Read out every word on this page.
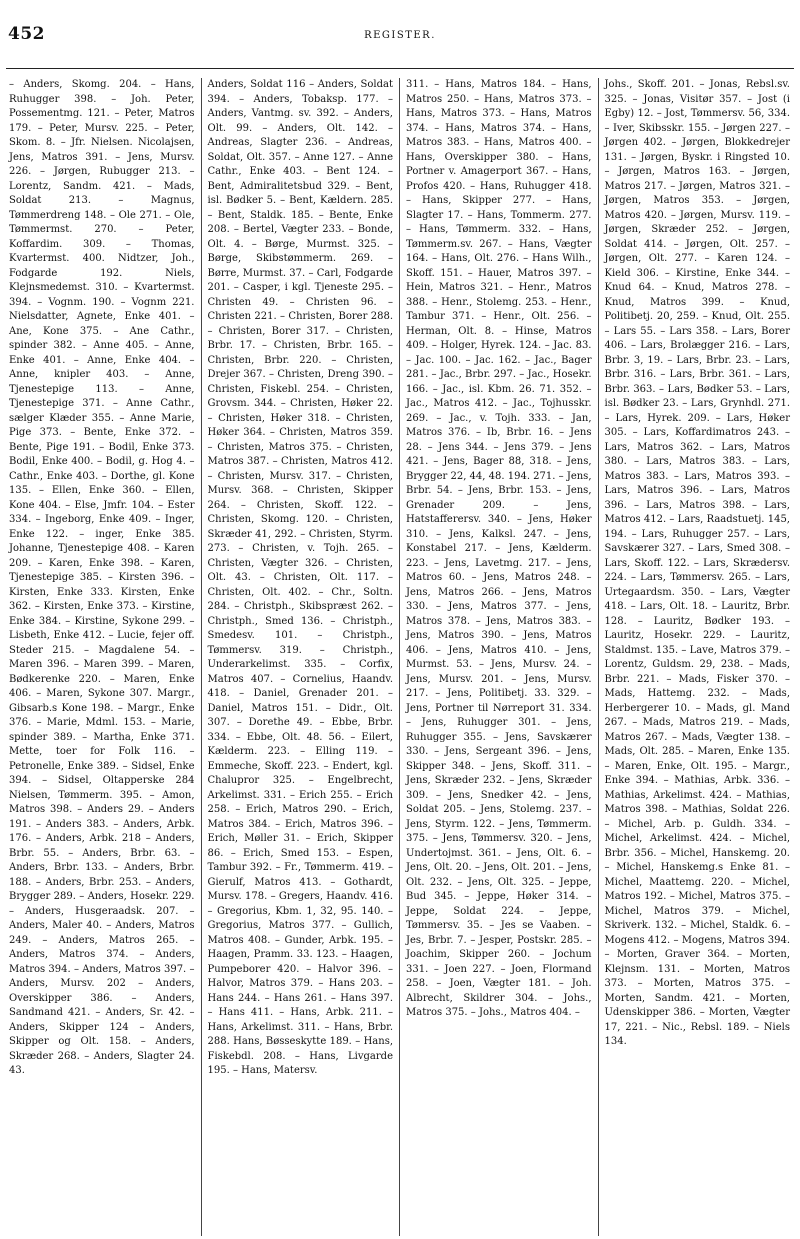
452	REGISTER.

– Anders, Skomg. 204. – Hans, Ruhugger 398. – Joh. Peter, Possementmg. 121. – Peter, Matros 179. – Peter, Mursv. 225. – Peter, Skom. 8. – Jfr. Nielsen. Nicolajsen, Jens, Matros 391. – Jens, Mursv. 226. – Jørgen, Rubugger 213. – Lorentz, Sandm. 421. – Mads, Soldat 213. – Magnus, Tømmerdreng 148. – Ole 271. – Ole, Tømmermst. 270. – Peter, Koffardim. 309. – Thomas, Kvartermst. 400. Nidtzer, Joh., Fodgarde 192. Niels, Klejnsmedemst. 310. – Kvartermst. 394. – Vognm. 190. – Vognm 221. Nielsdatter, Agnete, Enke 401. – Ane, Kone 375. – Ane Cathr., spinder 382. – Anne 405. – Anne, Enke 401. – Anne, Enke 404. – Anne, knipler 403. – Anne, Tjenestepige 113. – Anne, Tjenestepige 371. – Anne Cathr., sælger Klæder 355. – Anne Marie, Pige 373. – Bente, Enke 372. – Bente, Pige 191. – Bodil, Enke 373. Bodil, Enke 400. – Bodil, g. Hog 4. – Cathr., Enke 403. – Dorthe, gl. Kone 135. – Ellen, Enke 360. – Ellen, Kone 404. – Else, Jmfr. 104. – Ester 334. – Ingeborg, Enke 409. – Inger, Enke 122. – inger, Enke 385. Johanne, Tjenestepige 408. – Karen 209. – Karen, Enke 398. – Karen, Tjenestepige 385. – Kirsten 396. – Kirsten, Enke 333. Kirsten, Enke 362. – Kirsten, Enke 373. – Kirstine, Enke 384. – Kirstine, Sykone 299. – Lisbeth, Enke 412. – Lucie, fejer off. Steder 215. – Magdalene 54. – Maren 396. – Maren 399. – Maren, Bødkerenke 220. – Maren, Enke 406. – Maren, Sykone 307. Margr., Gibsarb.s Kone 198. – Margr., Enke 376. – Marie, Mdml. 153. – Marie, spinder 389. – Martha, Enke 371. Mette, toer for Folk 116. – Petronelle, Enke 389. – Sidsel, Enke 394. – Sidsel, Oltapperske 284 Nielsen, Tømmerm. 395. – Amon, Matros 398. – Anders 29. – Anders 191. – Anders 383. – Anders, Arbk. 176. – Anders, Arbk. 218 – Anders, Brbr. 55. – Anders, Brbr. 63. – Anders, Brbr. 133. – Anders, Brbr. 188. – Anders, Brbr. 253. – Anders, Brygger 289. – Anders, Hosekr. 229. – Anders, Husgeraadsk. 207. – Anders, Maler 40. – Anders, Matros 249. – Anders, Matros 265. – Anders, Matros 374. – Anders, Matros 394. – Anders, Matros 397. – Anders, Mursv. 202 – Anders, Overskipper 386. – Anders, Sandmand 421. – Anders, Sr. 42. – Anders, Skipper 124 – Anders, Skipper og Olt. 158. – Anders, Skræder 268. – Anders, Slagter 24. 43.

Anders, Soldat 116 – Anders, Soldat 394. – Anders, Tobaksp. 177. – Anders, Vantmg. sv. 392. – Anders, Olt. 99. – Anders, Olt. 142. – Andreas, Slagter 236. – Andreas, Soldat, Olt. 357. – Anne 127. – Anne Cathr., Enke 403. – Bent 124. – Bent, Admiralitetsbud 329. – Bent, isl. Bødker 5. – Bent, Kældern. 285. – Bent, Staldk. 185. – Bente, Enke 208. – Bertel, Vægter 233. – Bonde, Olt. 4. – Børge, Murmst. 325. – Børge, Skibstømmerm. 269. – Børre, Murmst. 37. – Carl, Fodgarde 201. – Casper, i kgl. Tjeneste 295. – Christen 49. – Christen 96. – Christen 221. – Christen, Borer 288. – Christen, Borer 317. – Christen, Brbr. 17. – Christen, Brbr. 165. – Christen, Brbr. 220. – Christen, Drejer 367. – Christen, Dreng 390. – Christen, Fiskebl. 254. – Christen, Grovsm. 344. – Christen, Høker 22. – Christen, Høker 318. – Christen, Høker 364. – Christen, Matros 359. – Christen, Matros 375. – Christen, Matros 387. – Christen, Matros 412. – Christen, Mursv. 317. – Christen, Mursv. 368. – Christen, Skipper 264. – Christen, Skoff. 122. – Christen, Skomg. 120. – Christen, Skræder 41, 292. – Christen, Styrm. 273. – Christen, v. Tojh. 265. – Christen, Vægter 326. – Christen, Olt. 43. – Christen, Olt. 117. – Christen, Olt. 402. – Chr., Soltn. 284. – Christph., Skibspræst 262. – Christph., Smed 136. – Christph., Smedesv. 101. – Christph., Tømmersv. 319. – Christph., Underarkelimst. 335. – Corfix, Matros 407. – Cornelius, Haandv. 418. – Daniel, Grenader 201. – Daniel, Matros 151. – Didr., Olt. 307. – Dorethe 49. – Ebbe, Brbr. 334. – Ebbe, Olt. 48. 56. – Eilert, Kælderm. 223. – Elling 119. – Emmeche, Skoff. 223. – Endert, kgl. Chalupror 325. – Engelbrecht, Arkelimst. 331. – Erich 255. – Erich 258. – Erich, Matros 290. – Erich, Matros 384. – Erich, Matros 396. – Erich, Møller 31. – Erich, Skipper 86. – Erich, Smed 153. – Espen, Tambur 392. – Fr., Tømmerm. 419. – Gierulf, Matros 413. – Gothardt, Mursv. 178. – Gregers, Haandv. 416. – Gregorius, Kbm. 1, 32, 95. 140. – Gregorius, Matros 377. – Gullich, Matros 408. – Gunder, Arbk. 195. – Haagen, Pramm. 33. 123. – Haagen, Pumpeborer 420. – Halvor 396. – Halvor, Matros 379. – Hans 203. – Hans 244. – Hans 261. – Hans 397. – Hans 411. – Hans, Arbk. 211. – Hans, Arkelimst. 311. – Hans, Brbr. 288. Hans, Bøsseskytte 189. – Hans, Fiskebdl. 208. – Hans, Livgarde 195. – Hans, Matersv.

311. – Hans, Matros 184. – Hans, Matros 250. – Hans, Matros 373. – Hans, Matros 373. – Hans, Matros 374. – Hans, Matros 374. – Hans, Matros 383. – Hans, Matros 400. – Hans, Overskipper 380. – Hans, Portner v. Amagerport 367. – Hans, Profos 420. – Hans, Ruhugger 418. – Hans, Skipper 277. – Hans, Slagter 17. – Hans, Tommerm. 277. – Hans, Tømmerm. 332. – Hans, Tømmerm.sv. 267. – Hans, Vægter 164. – Hans, Olt. 276. – Hans Wilh., Skoff. 151. – Hauer, Matros 397. – Hein, Matros 321. – Henr., Matros 388. – Henr., Stolemg. 253. – Henr., Tambur 371. – Henr., Olt. 256. – Herman, Olt. 8. – Hinse, Matros 409. – Holger, Hyrek. 124. – Jac. 83. – Jac. 100. – Jac. 162. – Jac., Bager 281. – Jac., Brbr. 297. – Jac., Hosekr. 166. – Jac., isl. Kbm. 26. 71. 352. – Jac., Matros 412. – Jac., Tojhusskr. 269. – Jac., v. Tojh. 333. – Jan, Matros 376. – Ib, Brbr. 16. – Jens 28. – Jens 344. – Jens 379. – Jens 421. – Jens, Bager 88, 318. – Jens, Brygger 22, 44, 48. 194. 271. – Jens, Brbr. 54. – Jens, Brbr. 153. – Jens, Grenader 209. – Jens, Hatstafferersv. 340. – Jens, Høker 310. – Jens, Kalksl. 247. – Jens, Konstabel 217. – Jens, Kælderm. 223. – Jens, Lavetmg. 217. – Jens, Matros 60. – Jens, Matros 248. – Jens, Matros 266. – Jens, Matros 330. – Jens, Matros 377. – Jens, Matros 378. – Jens, Matros 383. – Jens, Matros 390. – Jens, Matros 406. – Jens, Matros 410. – Jens, Murmst. 53. – Jens, Mursv. 24. – Jens, Mursv. 201. – Jens, Mursv. 217. – Jens, Politibetj. 33. 329. – Jens, Portner til Nørreport 31. 334. – Jens, Ruhugger 301. – Jens, Ruhugger 355. – Jens, Savskærer 330. – Jens, Sergeant 396. – Jens, Skipper 348. – Jens, Skoff. 311. – Jens, Skræder 232. – Jens, Skræder 309. – Jens, Snedker 42. – Jens, Soldat 205. – Jens, Stolemg. 237. – Jens, Styrm. 122. – Jens, Tømmerm. 375. – Jens, Tømmersv. 320. – Jens, Undertojmst. 361. – Jens, Olt. 6. – Jens, Olt. 20. – Jens, Olt. 201. – Jens, Olt. 232. – Jens, Olt. 325. – Jeppe, Bud 345. – Jeppe, Høker 314. – Jeppe, Soldat 224. – Jeppe, Tømmersv. 35. – Jes se Vaaben. – Jes, Brbr. 7. – Jesper, Postskr. 285. – Joachim, Skipper 260. – Jochum 331. – Joen 227. – Joen, Flormand 258. – Joen, Vægter 181. – Joh. Albrecht, Skildrer 304. – Johs., Matros 375. – Johs., Matros 404. –

Johs., Skoff. 201. – Jonas, Rebsl.sv. 325. – Jonas, Visitør 357. – Jost (i Egby) 12. – Jost, Tømmersv. 56, 334. – Iver, Skibsskr. 155. – Jørgen 227. – Jørgen 402. – Jørgen, Blokkedrejer 131. – Jørgen, Byskr. i Ringsted 10. – Jørgen, Matros 163. – Jørgen, Matros 217. – Jørgen, Matros 321. – Jørgen, Matros 353. – Jørgen, Matros 420. – Jørgen, Mursv. 119. – Jørgen, Skræder 252. – Jørgen, Soldat 414. – Jørgen, Olt. 257. – Jørgen, Olt. 277. – Karen 124. – Kield 306. – Kirstine, Enke 344. – Knud 64. – Knud, Matros 278. – Knud, Matros 399. – Knud, Politibetj. 20, 259. – Knud, Olt. 255. – Lars 55. – Lars 358. – Lars, Borer 406. – Lars, Brolægger 216. – Lars, Brbr. 3, 19. – Lars, Brbr. 23. – Lars, Brbr. 316. – Lars, Brbr. 361. – Lars, Brbr. 363. – Lars, Bødker 53. – Lars, isl. Bødker 23. – Lars, Grynhdl. 271. – Lars, Hyrek. 209. – Lars, Høker 305. – Lars, Koffardimatros 243. – Lars, Matros 362. – Lars, Matros 380. – Lars, Matros 383. – Lars, Matros 383. – Lars, Matros 393. – Lars, Matros 396. – Lars, Matros 396. – Lars, Matros 398. – Lars, Matros 412. – Lars, Raadstuetj. 145, 194. – Lars, Ruhugger 257. – Lars, Savskærer 327. – Lars, Smed 308. – Lars, Skoff. 122. – Lars, Skrædersv. 224. – Lars, Tømmersv. 265. – Lars, Urtegaardsm. 350. – Lars, Vægter 418. – Lars, Olt. 18. – Lauritz, Brbr. 128. – Lauritz, Bødker 193. – Lauritz, Hosekr. 229. – Lauritz, Staldmst. 135. – Lave, Matros 379. – Lorentz, Guldsm. 29, 238. – Mads, Brbr. 221. – Mads, Fisker 370. – Mads, Hattemg. 232. – Mads, Herbergerer 10. – Mads, gl. Mand 267. – Mads, Matros 219. – Mads, Matros 267. – Mads, Vægter 138. – Mads, Olt. 285. – Maren, Enke 135. – Maren, Enke, Olt. 195. – Margr., Enke 394. – Mathias, Arbk. 336. – Mathias, Arkelimst. 424. – Mathias, Matros 398. – Mathias, Soldat 226. – Michel, Arb. p. Guldh. 334. – Michel, Arkelimst. 424. – Michel, Brbr. 356. – Michel, Hanskemg. 20. – Michel, Hanskemg.s Enke 81. – Michel, Maattemg. 220. – Michel, Matros 192. – Michel, Matros 375. – Michel, Matros 379. – Michel, Skriverk. 132. – Michel, Staldk. 6. – Mogens 412. – Mogens, Matros 394. – Morten, Graver 364. – Morten, Klejnsm. 131. – Morten, Matros 373. – Morten, Matros 375. – Morten, Sandm. 421. – Morten, Udenskipper 386. – Morten, Vægter 17, 221. – Nic., Rebsl. 189. – Niels 134.
